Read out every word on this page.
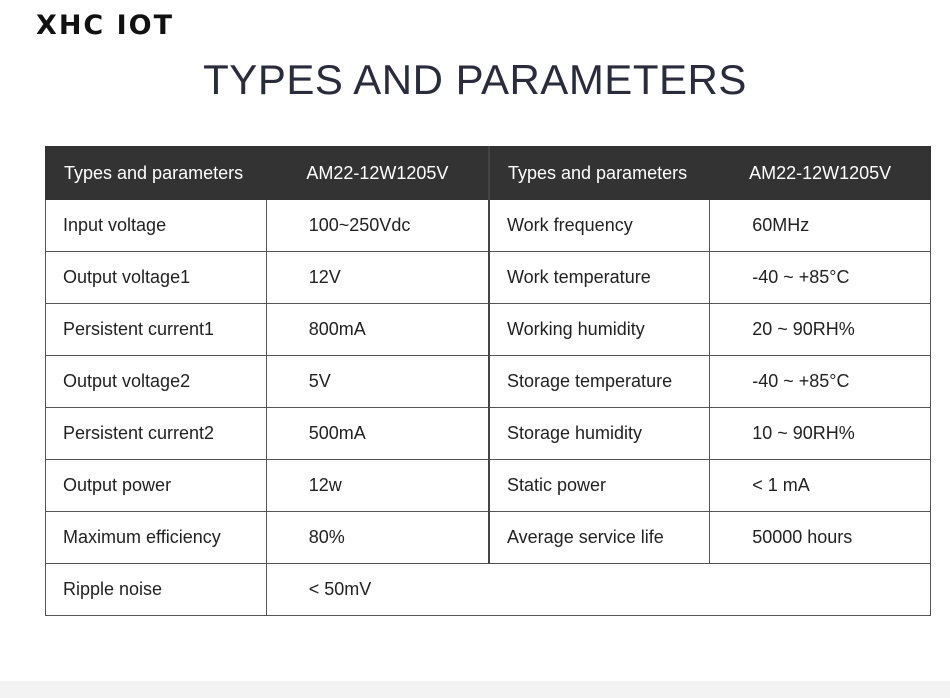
XHC IOT
TYPES AND PARAMETERS
Types and parameters	AM22-12W1205V	Types and parameters	AM22-12W1205V
Input voltage	100~250Vdc	Work frequency	60MHz
Output voltage1	12V	Work temperature	-40 ~ +85°C
Persistent current1	800mA	Working humidity	20 ~ 90RH%
Output voltage2	5V	Storage temperature	-40 ~ +85°C
Persistent current2	500mA	Storage humidity	10 ~ 90RH%
Output power	12w	Static power	< 1 mA
Maximum efficiency	80%	Average service life	50000 hours
Ripple noise	< 50mV		
